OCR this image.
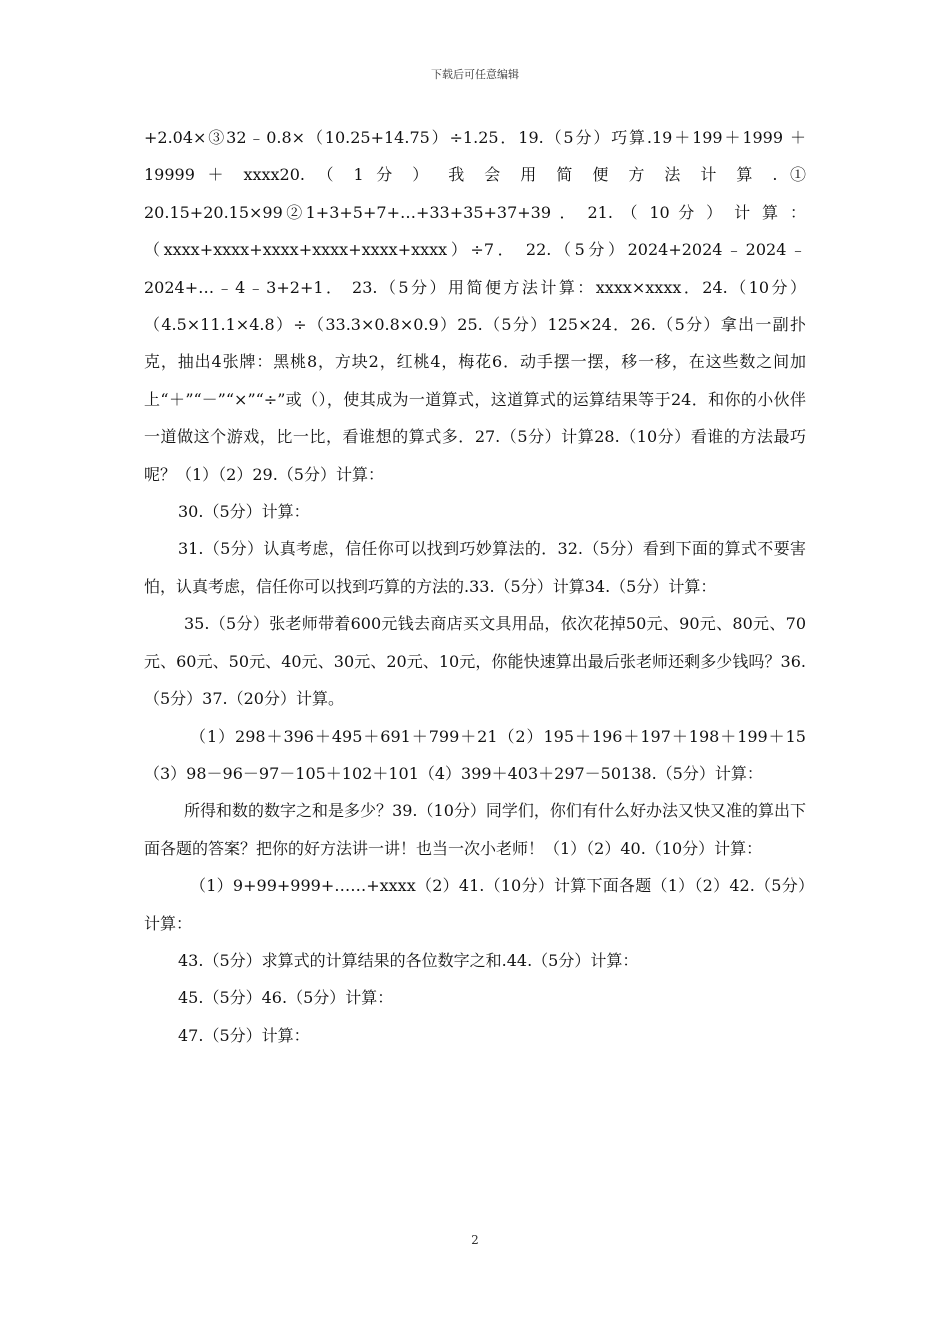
下载后可任意编辑

+2.04×③32﹣0.8×（10.25+14.75）÷1.25．19.（5分）巧算.19＋199＋1999 ＋ 19999 ＋ xxxx20. （ 1 分 ） 我 会 用 简 便 方 法 计 算 . ① 20.15+20.15×99②1+3+5+7+…+33+35+37+39 ． 21. （ 10 分 ） 计 算 ：（xxxx+xxxx+xxxx+xxxx+xxxx+xxxx）÷7． 22.（5分）2024+2024﹣2024﹣2024+…﹣4﹣3+2+1． 23.（5分）用简便方法计算：xxxx×xxxx．24.（10分）（4.5×11.1×4.8）÷（33.3×0.8×0.9）25.（5分）125×24．26.（5分）拿出一副扑克，抽出4张牌：黑桃8，方块2，红桃4，梅花6．动手摆一摆，移一移，在这些数之间加上“＋”“－”“×”“÷”或（），使其成为一道算式，这道算式的运算结果等于24．和你的小伙伴一道做这个游戏，比一比，看谁想的算式多．27.（5分）计算28.（10分）看谁的方法最巧呢？（1）（2）29.（5分）计算：

30.（5分）计算：

31.（5分）认真考虑，信任你可以找到巧妙算法的．32.（5分）看到下面的算式不要害怕，认真考虑，信任你可以找到巧算的方法的.33.（5分）计算34.（5分）计算：

35.（5分）张老师带着600元钱去商店买文具用品，依次花掉50元、90元、80元、70元、60元、50元、40元、30元、20元、10元，你能快速算出最后张老师还剩多少钱吗？36.（5分）37.（20分）计算。

（1）298＋396＋495＋691＋799＋21（2）195＋196＋197＋198＋199＋15（3）98－96－97－105＋102＋101（4）399＋403＋297－50138.（5分）计算：

所得和数的数字之和是多少？39.（10分）同学们，你们有什么好办法又快又准的算出下面各题的答案？把你的好方法讲一讲！也当一次小老师！（1）（2）40.（10分）计算：

（1）9+99+999+……+xxxx（2）41.（10分）计算下面各题（1）（2）42.（5分）计算：

43.（5分）求算式的计算结果的各位数字之和.44.（5分）计算：

45.（5分）46.（5分）计算：

47.（5分）计算：

2
